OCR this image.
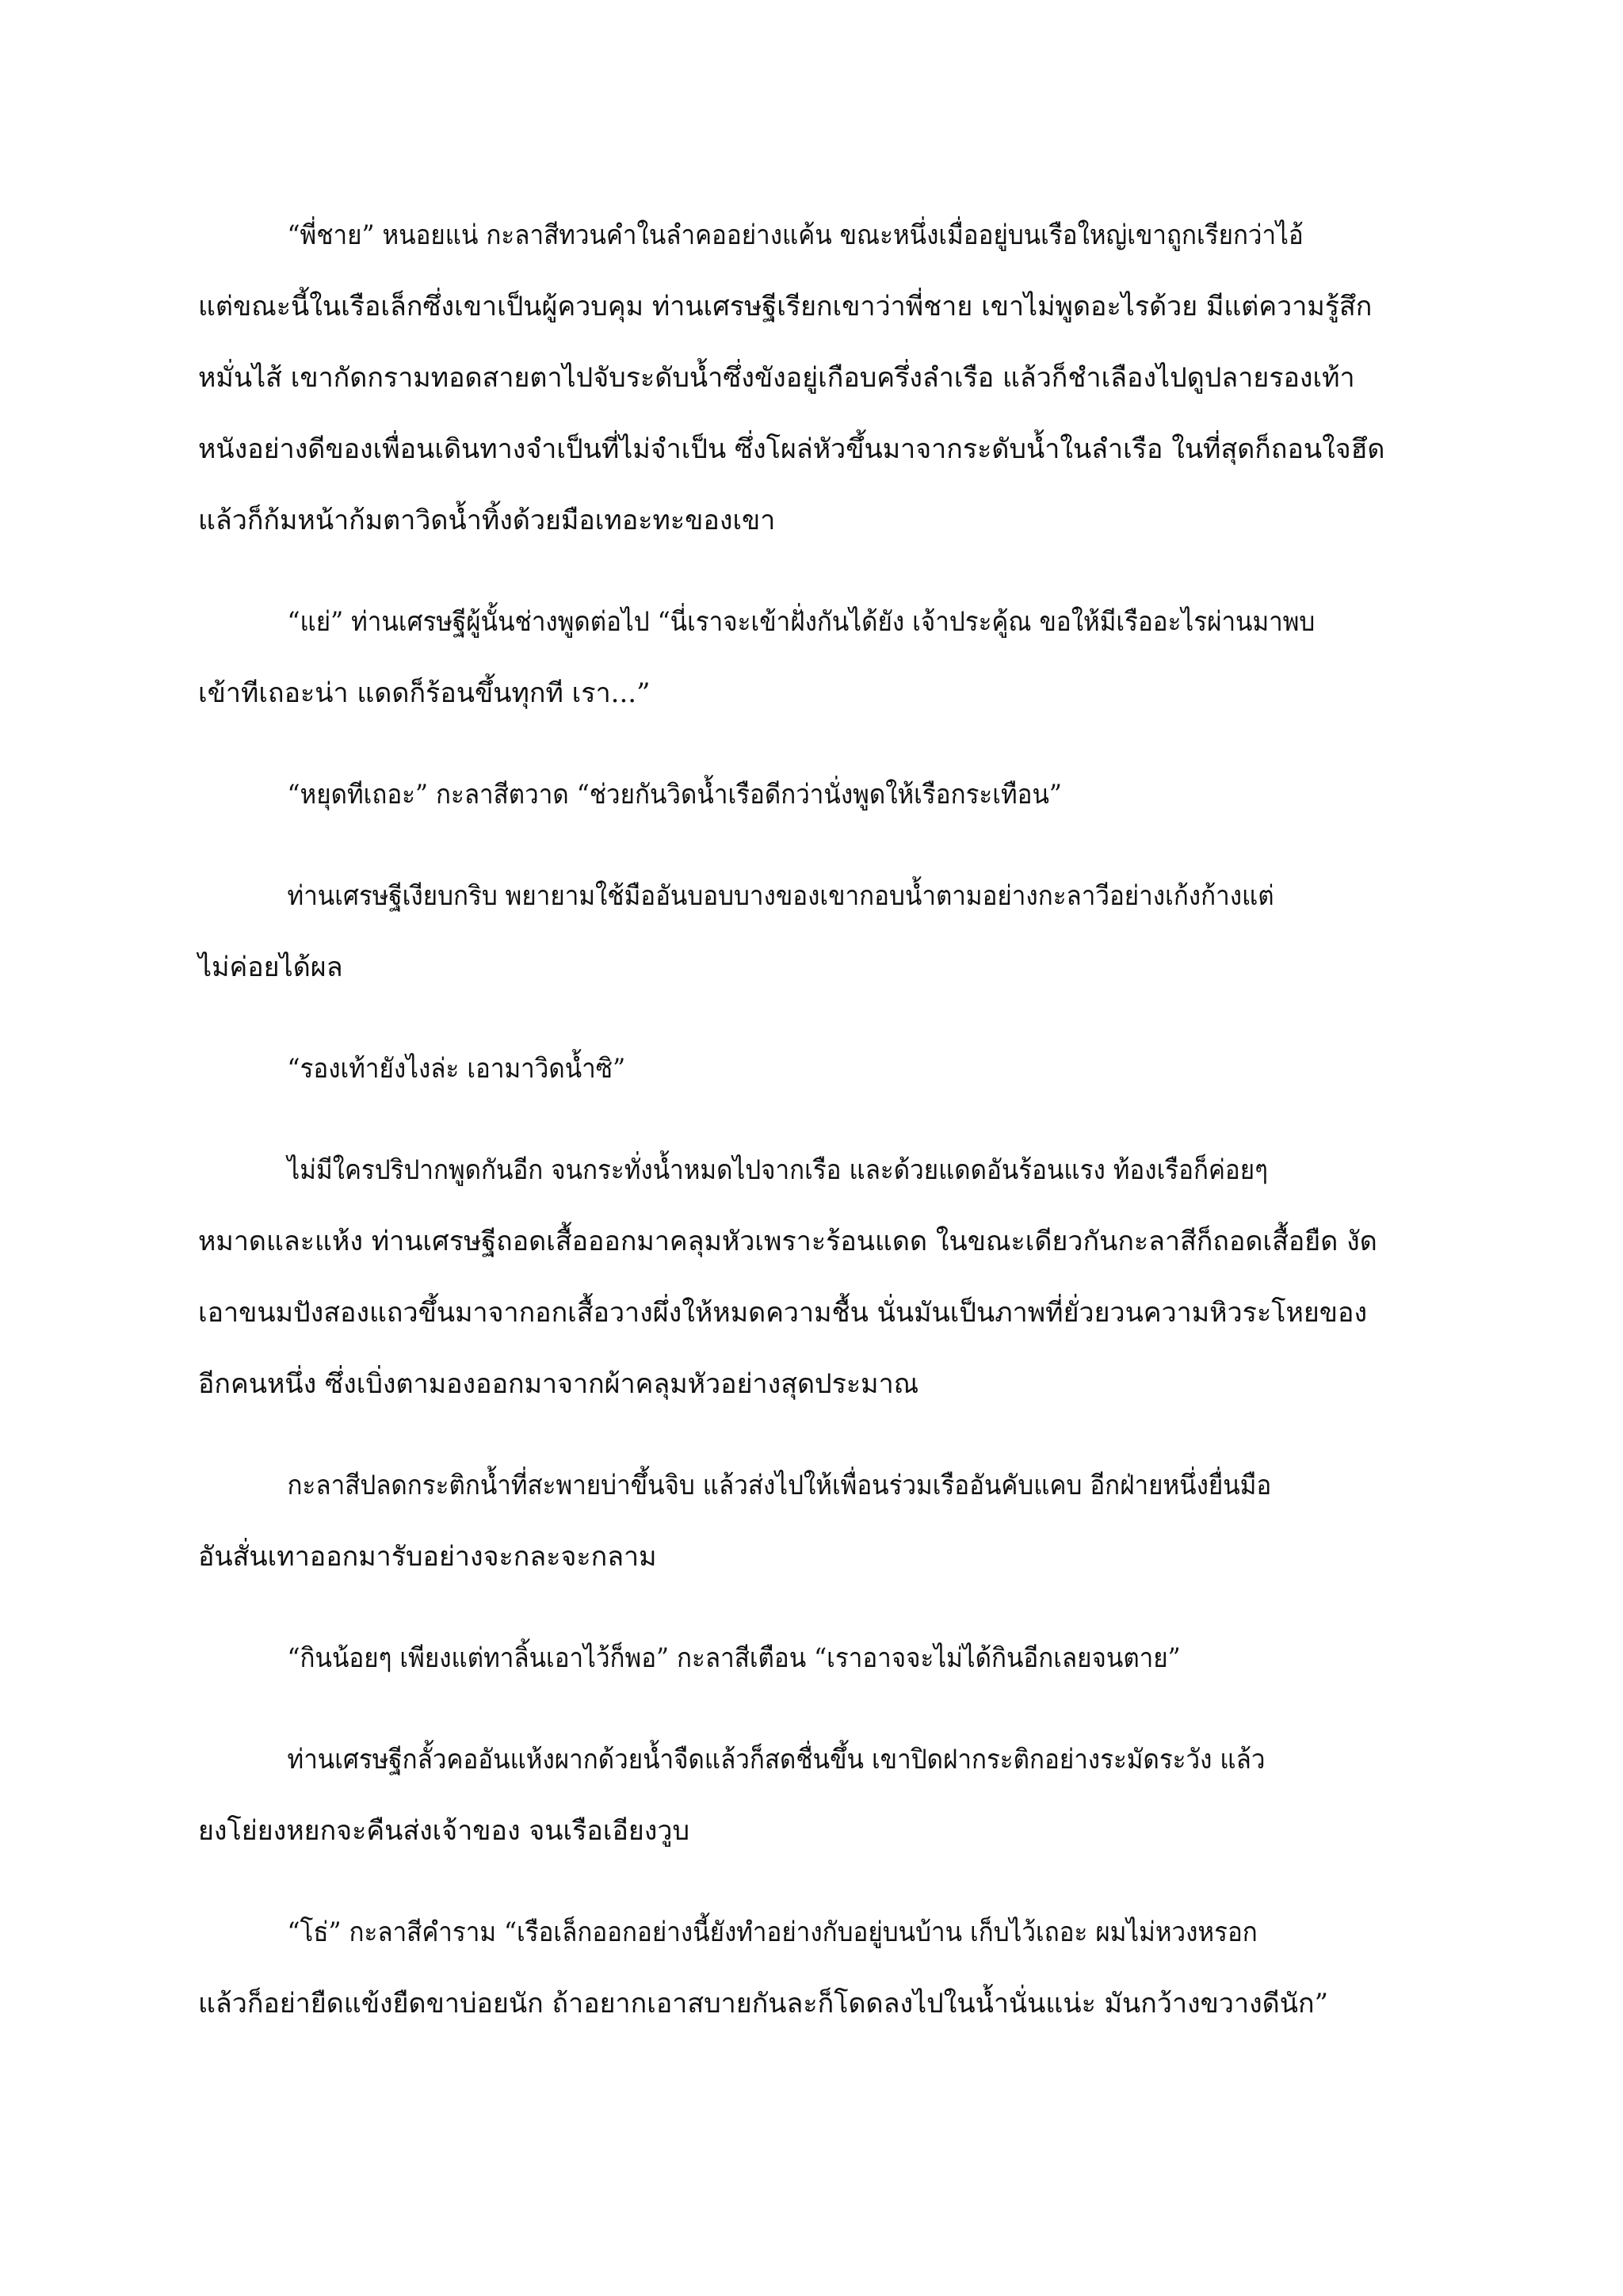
“พี่ชาย” หนอยแน่ กะลาสีทวนคำในลำคออย่างแค้น ขณะหนึ่งเมื่ออยู่บนเรือใหญ่เขาถูกเรียกว่าไอ้
แต่ขณะนี้ในเรือเล็กซึ่งเขาเป็นผู้ควบคุม ท่านเศรษฐีเรียกเขาว่าพี่ชาย เขาไม่พูดอะไรด้วย มีแต่ความรู้สึก
หมั่นไส้ เขากัดกรามทอดสายตาไปจับระดับน้ำซึ่งขังอยู่เกือบครึ่งลำเรือ แล้วก็ชำเลืองไปดูปลายรองเท้า
หนังอย่างดีของเพื่อนเดินทางจำเป็นที่ไม่จำเป็น ซึ่งโผล่หัวขึ้นมาจากระดับน้ำในลำเรือ ในที่สุดก็ถอนใจฮึด
แล้วก็ก้มหน้าก้มตาวิดน้ำทิ้งด้วยมือเทอะทะของเขา

“แย่” ท่านเศรษฐีผู้นั้นช่างพูดต่อไป “นี่เราจะเข้าฝั่งกันได้ยัง เจ้าประคู้ณ ขอให้มีเรืออะไรผ่านมาพบ
เข้าทีเถอะน่า แดดก็ร้อนขึ้นทุกที เรา...”

“หยุดทีเถอะ” กะลาสีตวาด “ช่วยกันวิดน้ำเรือดีกว่านั่งพูดให้เรือกระเทือน”

ท่านเศรษฐีเงียบกริบ พยายามใช้มืออันบอบบางของเขากอบน้ำตามอย่างกะลาวีอย่างเก้งก้างแต่
ไม่ค่อยได้ผล

“รองเท้ายังไงล่ะ เอามาวิดน้ำซิ”

ไม่มีใครปริปากพูดกันอีก จนกระทั่งน้ำหมดไปจากเรือ และด้วยแดดอันร้อนแรง ท้องเรือก็ค่อยๆ
หมาดและแห้ง ท่านเศรษฐีถอดเสื้อออกมาคลุมหัวเพราะร้อนแดด ในขณะเดียวกันกะลาสีก็ถอดเสื้อยืด งัด
เอาขนมปังสองแถวขึ้นมาจากอกเสื้อวางผึ่งให้หมดความชื้น นั่นมันเป็นภาพที่ยั่วยวนความหิวระโหยของ
อีกคนหนึ่ง ซึ่งเบิ่งตามองออกมาจากผ้าคลุมหัวอย่างสุดประมาณ

กะลาสีปลดกระติกน้ำที่สะพายบ่าขึ้นจิบ แล้วส่งไปให้เพื่อนร่วมเรืออันคับแคบ อีกฝ่ายหนึ่งยื่นมือ
อันสั่นเทาออกมารับอย่างจะกละจะกลาม

“กินน้อยๆ เพียงแต่ทาลิ้นเอาไว้ก็พอ” กะลาสีเตือน “เราอาจจะไม่ได้กินอีกเลยจนตาย”

ท่านเศรษฐีกลั้วคออันแห้งผากด้วยน้ำจืดแล้วก็สดชื่นขึ้น เขาปิดฝากระติกอย่างระมัดระวัง แล้ว
ยงโย่ยงหยกจะคืนส่งเจ้าของ จนเรือเอียงวูบ

“โธ่” กะลาสีคำราม “เรือเล็กออกอย่างนี้ยังทำอย่างกับอยู่บนบ้าน เก็บไว้เถอะ ผมไม่หวงหรอก
แล้วก็อย่ายืดแข้งยืดขาบ่อยนัก ถ้าอยากเอาสบายกันละก็โดดลงไปในน้ำนั่นแน่ะ มันกว้างขวางดีนัก”
